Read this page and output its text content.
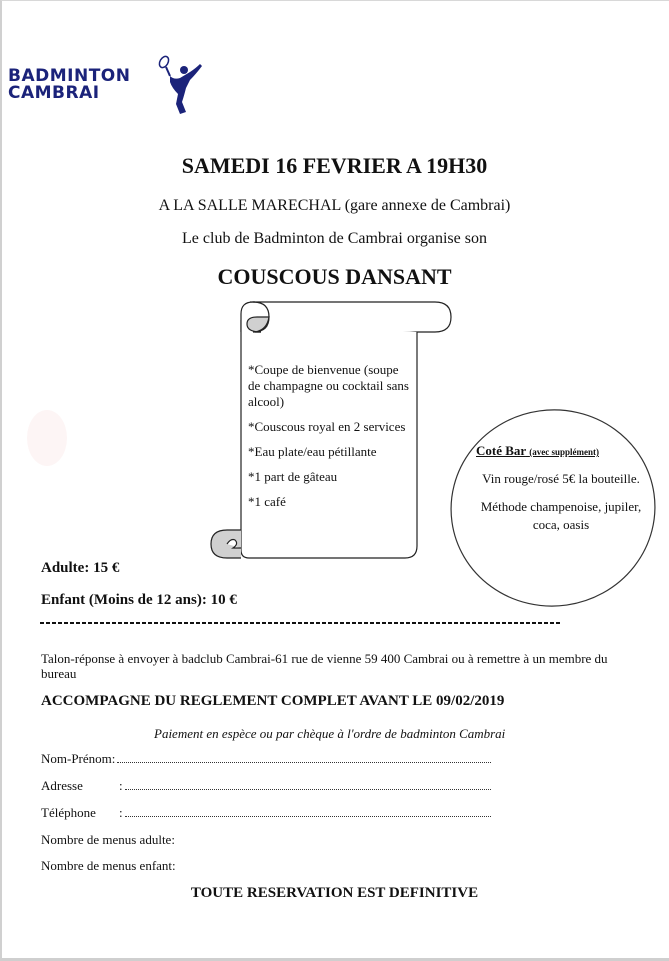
BADMINTON
CAMBRAI
SAMEDI 16 FEVRIER A 19H30
A LA SALLE MARECHAL (gare annexe de Cambrai)
Le club de Badminton de Cambrai organise son
COUSCOUS DANSANT

*Coupe de bienvenue (soupe de champagne ou cocktail sans alcool)

*Couscous royal en 2 services

*Eau plate/eau pétillante

*1 part de gâteau

*1 café

Coté Bar (avec supplément)

Vin rouge/rosé 5€ la bouteille.

Méthode champenoise, jupiler, coca, oasis

Adulte: 15 €
Enfant (Moins de 12 ans): 10 €
Talon-réponse à envoyer à badclub Cambrai-61 rue de vienne 59 400 Cambrai ou à remettre à un membre du bureau
ACCOMPAGNE DU REGLEMENT COMPLET AVANT LE 09/02/2019
Paiement en espèce ou par chèque à l'ordre de badminton Cambrai
Nom-Prénom:
Adresse	:
Téléphone	:
Nombre de menus adulte:
Nombre de menus enfant:
TOUTE RESERVATION EST DEFINITIVE
